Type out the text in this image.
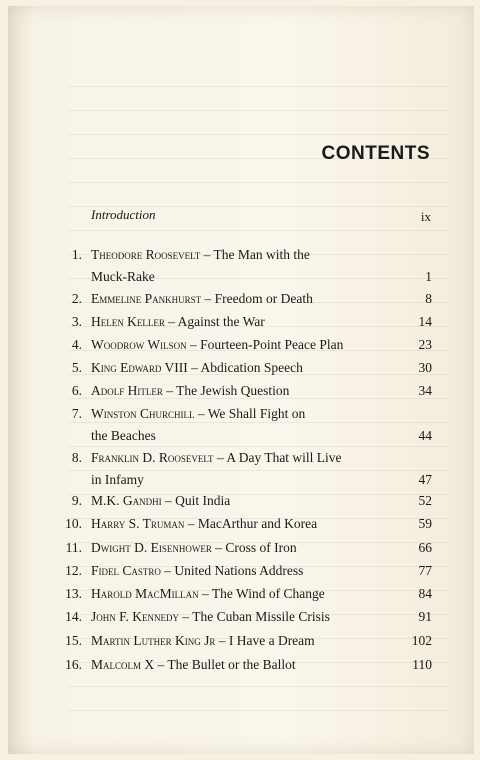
CONTENTS
Introduction	ix
1. Theodore Roosevelt – The Man with the
Muck-Rake	1
2. Emmeline Pankhurst – Freedom or Death	8
3. Helen Keller – Against the War	14
4. Woodrow Wilson – Fourteen-Point Peace Plan	23
5. King Edward VIII – Abdication Speech	30
6. Adolf Hitler – The Jewish Question	34
7. Winston Churchill – We Shall Fight on
the Beaches	44
8. Franklin D. Roosevelt – A Day That will Live
in Infamy	47
9. M.K. Gandhi – Quit India	52
10. Harry S. Truman – MacArthur and Korea	59
11. Dwight D. Eisenhower – Cross of Iron	66
12. Fidel Castro – United Nations Address	77
13. Harold MacMillan – The Wind of Change	84
14. John F. Kennedy – The Cuban Missile Crisis	91
15. Martin Luther King Jr – I Have a Dream	102
16. Malcolm X – The Bullet or the Ballot	110
